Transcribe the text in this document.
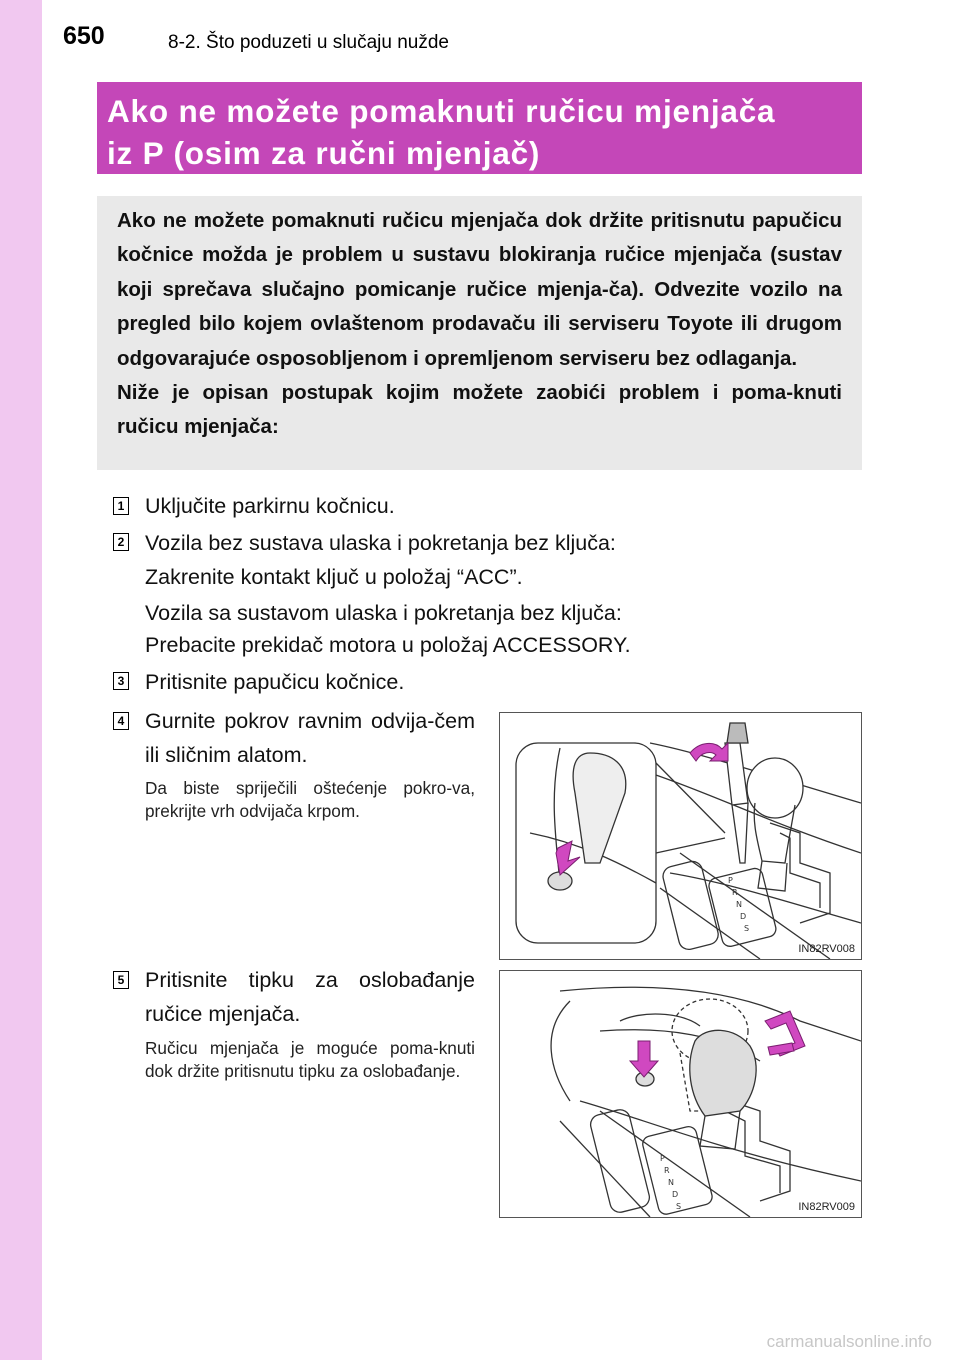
650	8-2. Što poduzeti u slučaju nužde
Ako ne možete pomaknuti ručicu mjenjača
iz P (osim za ručni mjenjač)

Ako ne možete pomaknuti ručicu mjenjača dok držite pritisnutu papučicu kočnice možda je problem u sustavu blokiranja ručice mjenjača (sustav koji sprečava slučajno pomicanje ručice mjenja-ča). Odvezite vozilo na pregled bilo kojem ovlaštenom prodavaču ili serviseru Toyote ili drugom odgovarajuće osposobljenom i opremljenom serviseru bez odlaganja.

Niže je opisan postupak kojim možete zaobići problem i poma-knuti ručicu mjenjača:

1 Uključite parkirnu kočnicu.
2 Vozila bez sustava ulaska i pokretanja bez ključa:
Zakrenite kontakt ključ u položaj “ACC”.
Vozila sa sustavom ulaska i pokretanja bez ključa:
Prebacite prekidač motora u položaj ACCESSORY.
3 Pritisnite papučicu kočnice.
4 Gurnite pokrov ravnim odvija-čem ili sličnim alatom.
Da biste spriječili oštećenje pokro-va, prekrijte vrh odvijača krpom.
P
R
N
D
S
IN82RV008
5 Pritisnite tipku za oslobađanje ručice mjenjača.
Ručicu mjenjača je moguće poma-knuti dok držite pritisnutu tipku za oslobađanje.
P
R
N
D
S	IN82RV009
carmanualsonline.info
